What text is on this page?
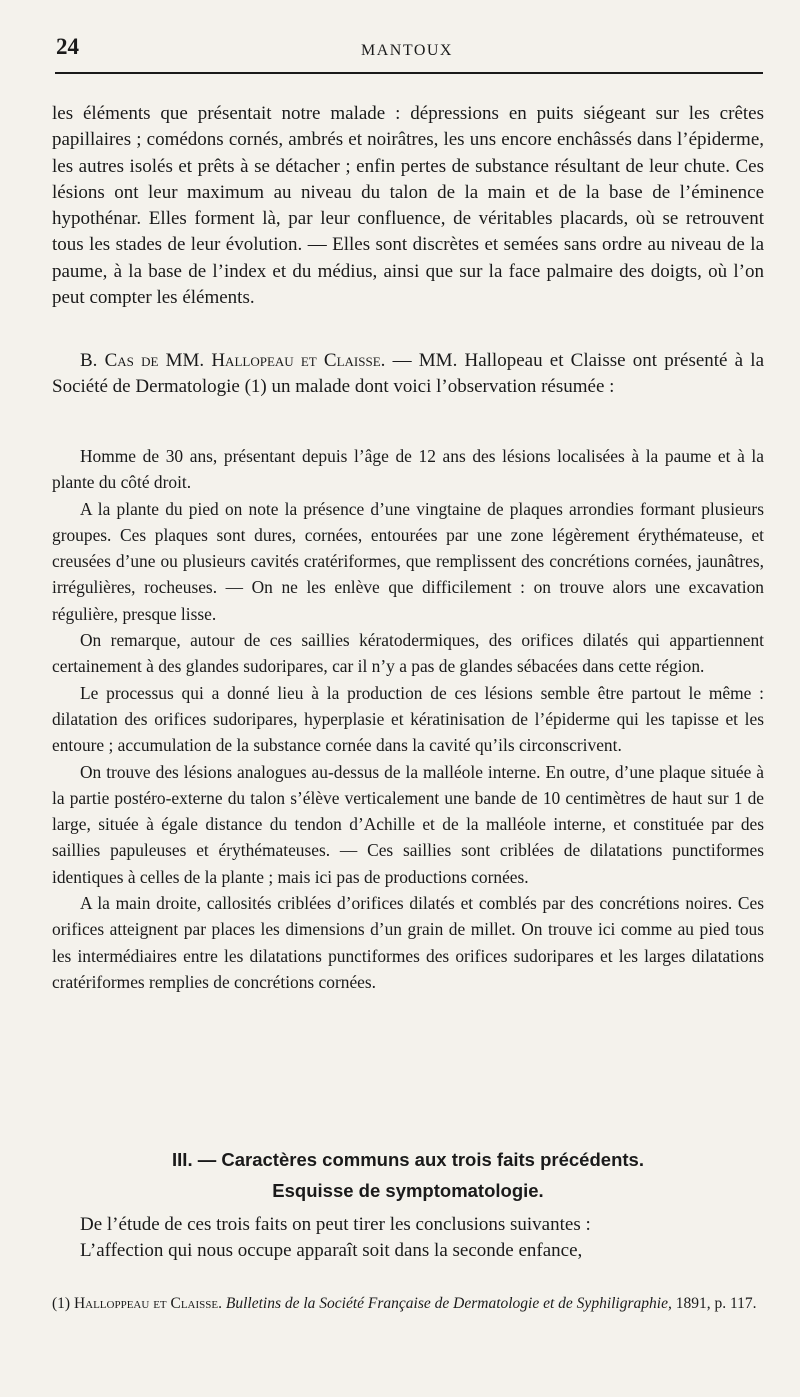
24	MANTOUX

les éléments que présentait notre malade : dépressions en puits siégeant sur les crêtes papillaires ; comédons cornés, ambrés et noirâtres, les uns encore enchâssés dans l’épiderme, les autres isolés et prêts à se détacher ; enfin pertes de substance résultant de leur chute. Ces lésions ont leur maximum au niveau du talon de la main et de la base de l’éminence hypothénar. Elles forment là, par leur confluence, de véritables placards, où se retrouvent tous les stades de leur évolution. — Elles sont discrètes et semées sans ordre au niveau de la paume, à la base de l’index et du médius, ainsi que sur la face palmaire des doigts, où l’on peut compter les éléments.

B. Cas de MM. Hallopeau et Claisse. — MM. Hallopeau et Claisse ont présenté à la Société de Dermatologie (1) un malade dont voici l’observation résumée :

Homme de 30 ans, présentant depuis l’âge de 12 ans des lésions localisées à la paume et à la plante du côté droit.

A la plante du pied on note la présence d’une vingtaine de plaques arrondies formant plusieurs groupes. Ces plaques sont dures, cornées, entourées par une zone légèrement érythémateuse, et creusées d’une ou plusieurs cavités cratériformes, que remplissent des concrétions cornées, jaunâtres, irrégulières, rocheuses. — On ne les enlève que difficilement : on trouve alors une excavation régulière, presque lisse.

On remarque, autour de ces saillies kératodermiques, des orifices dilatés qui appartiennent certainement à des glandes sudoripares, car il n’y a pas de glandes sébacées dans cette région.

Le processus qui a donné lieu à la production de ces lésions semble être partout le même : dilatation des orifices sudoripares, hyperplasie et kératinisation de l’épiderme qui les tapisse et les entoure ; accumulation de la substance cornée dans la cavité qu’ils circonscrivent.

On trouve des lésions analogues au-dessus de la malléole interne. En outre, d’une plaque située à la partie postéro-externe du talon s’élève verticalement une bande de 10 centimètres de haut sur 1 de large, située à égale distance du tendon d’Achille et de la malléole interne, et constituée par des saillies papuleuses et érythémateuses. — Ces saillies sont criblées de dilatations punctiformes identiques à celles de la plante ; mais ici pas de productions cornées.

A la main droite, callosités criblées d’orifices dilatés et comblés par des concrétions noires. Ces orifices atteignent par places les dimensions d’un grain de millet. On trouve ici comme au pied tous les intermédiaires entre les dilatations punctiformes des orifices sudoripares et les larges dilatations cratériformes remplies de concrétions cornées.

III. — Caractères communs aux trois faits précédents.
Esquisse de symptomatologie.

De l’étude de ces trois faits on peut tirer les conclusions suivantes :

L’affection qui nous occupe apparaît soit dans la seconde enfance,

(1) Halloppeau et Claisse. Bulletins de la Société Française de Dermatologie et de Syphiligraphie, 1891, p. 117.
